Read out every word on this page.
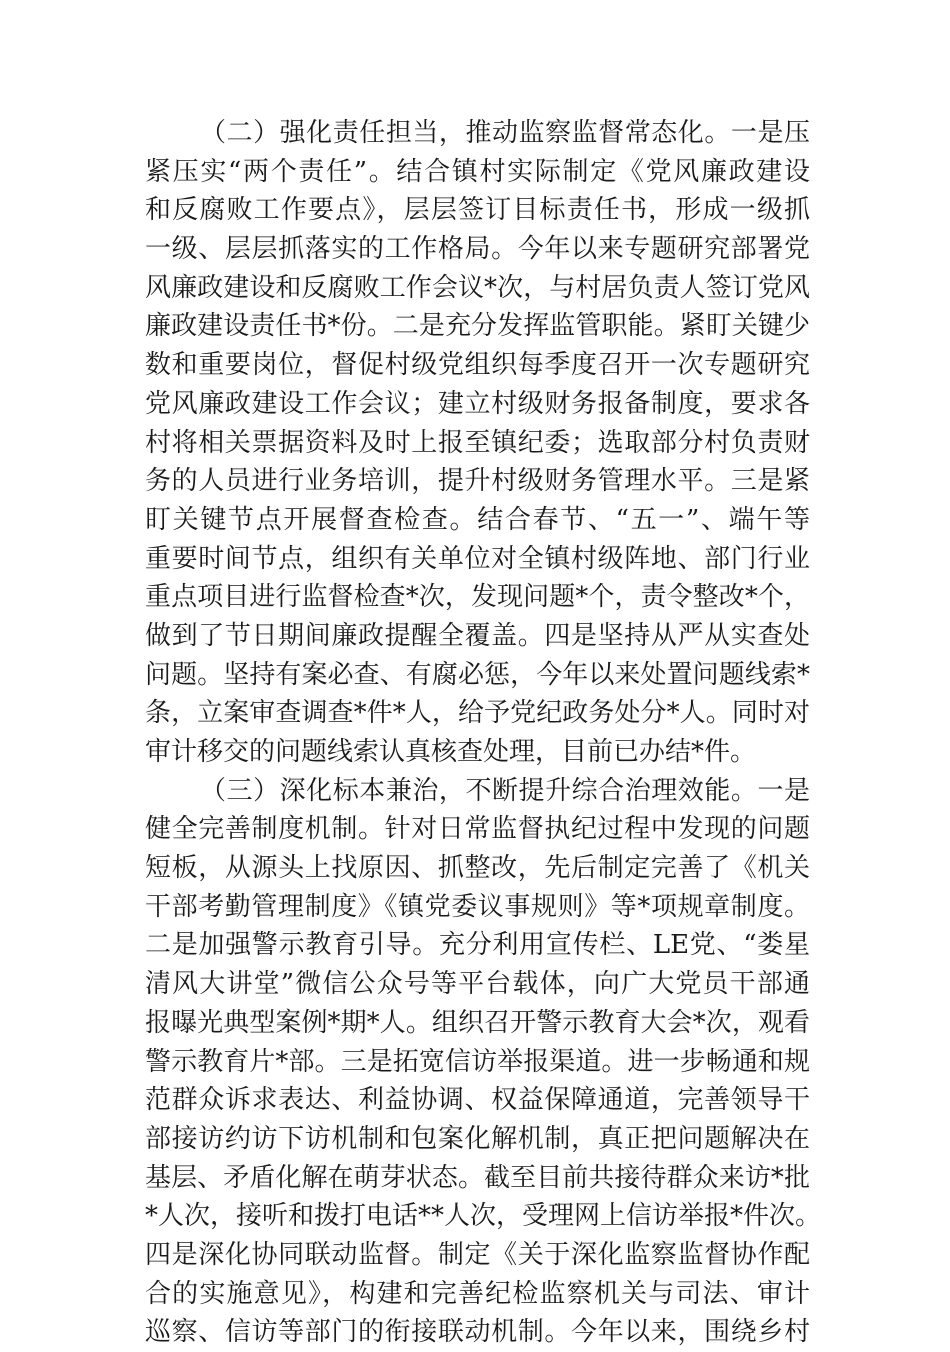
（二）强化责任担当，推动监察监督常态化。一是压
紧压实“两个责任”。结合镇村实际制定《党风廉政建设
和反腐败工作要点》，层层签订目标责任书，形成一级抓
一级、层层抓落实的工作格局。今年以来专题研究部署党
风廉政建设和反腐败工作会议*次，与村居负责人签订党风
廉政建设责任书*份。二是充分发挥监管职能。紧盯关键少
数和重要岗位，督促村级党组织每季度召开一次专题研究
党风廉政建设工作会议；建立村级财务报备制度，要求各
村将相关票据资料及时上报至镇纪委；选取部分村负责财
务的人员进行业务培训，提升村级财务管理水平。三是紧
盯关键节点开展督查检查。结合春节、“五一”、端午等
重要时间节点，组织有关单位对全镇村级阵地、部门行业
重点项目进行监督检查*次，发现问题*个，责令整改*个，
做到了节日期间廉政提醒全覆盖。四是坚持从严从实查处
问题。坚持有案必查、有腐必惩，今年以来处置问题线索*
条，立案审查调查*件*人，给予党纪政务处分*人。同时对
审计移交的问题线索认真核查处理，目前已办结*件。
（三）深化标本兼治，不断提升综合治理效能。一是
健全完善制度机制。针对日常监督执纪过程中发现的问题
短板，从源头上找原因、抓整改，先后制定完善了《机关
干部考勤管理制度》《镇党委议事规则》等*项规章制度。
二是加强警示教育引导。充分利用宣传栏、LE党、“娄星
清风大讲堂”微信公众号等平台载体，向广大党员干部通
报曝光典型案例*期*人。组织召开警示教育大会*次，观看
警示教育片*部。三是拓宽信访举报渠道。进一步畅通和规
范群众诉求表达、利益协调、权益保障通道，完善领导干
部接访约访下访机制和包案化解机制，真正把问题解决在
基层、矛盾化解在萌芽状态。截至目前共接待群众来访*批
*人次，接听和拨打电话**人次，受理网上信访举报*件次。
四是深化协同联动监督。制定《关于深化监察监督协作配
合的实施意见》，构建和完善纪检监察机关与司法、审计
巡察、信访等部门的衔接联动机制。今年以来，围绕乡村
